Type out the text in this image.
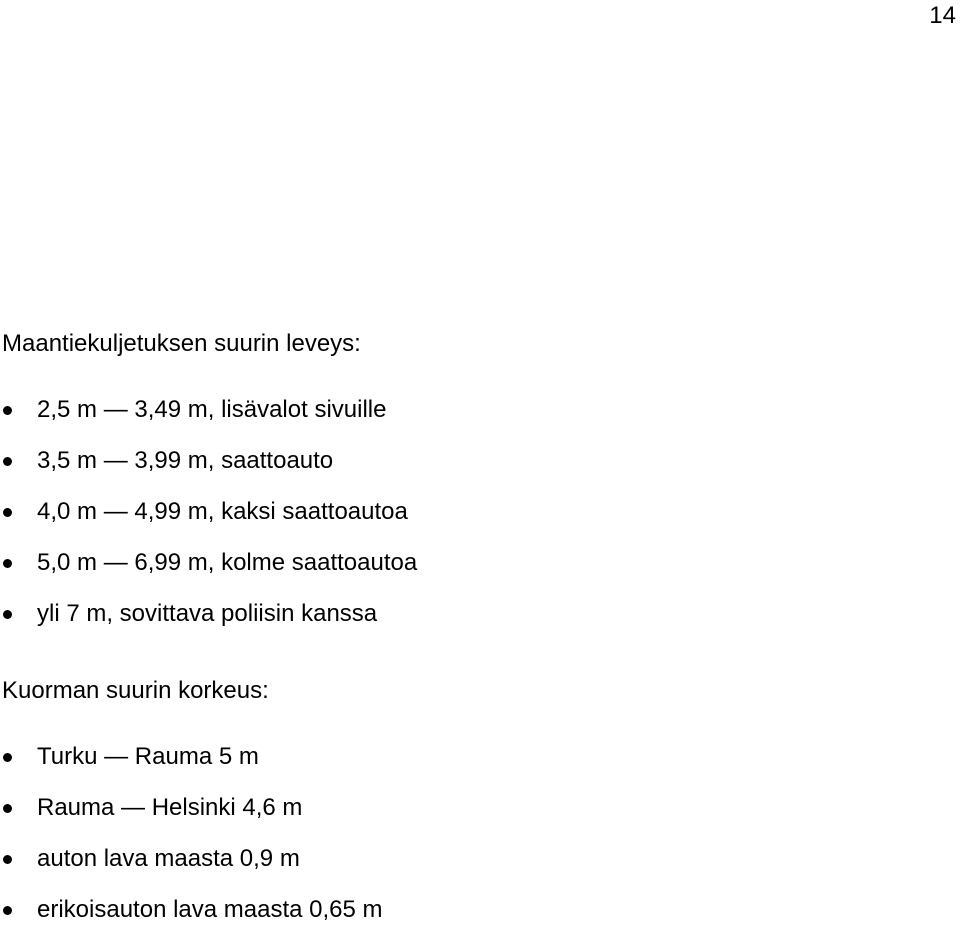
14
Maantiekuljetuksen suurin leveys:
2,5 m — 3,49 m, lisävalot sivuille
3,5 m — 3,99 m, saattoauto
4,0 m — 4,99 m, kaksi saattoautoa
5,0 m — 6,99 m, kolme saattoautoa
yli 7 m, sovittava poliisin kanssa
Kuorman suurin korkeus:
Turku — Rauma 5 m
Rauma — Helsinki 4,6 m
auton lava maasta 0,9 m
erikoisauton lava maasta 0,65 m
